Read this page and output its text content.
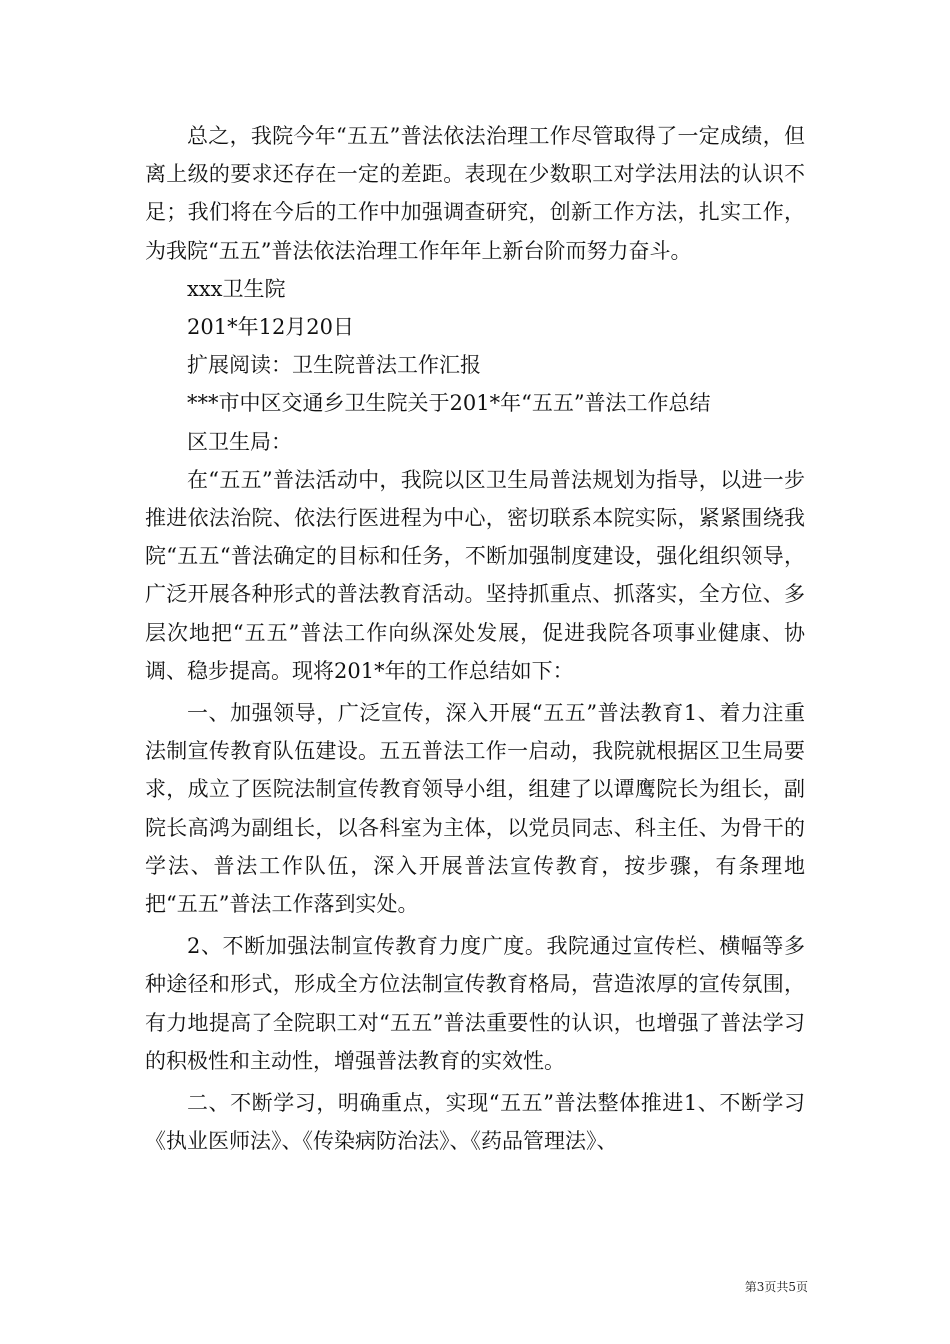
总之，我院今年“五五”普法依法治理工作尽管取得了一定成绩，但离上级的要求还存在一定的差距。表现在少数职工对学法用法的认识不足；我们将在今后的工作中加强调查研究，创新工作方法，扎实工作，为我院“五五”普法依法治理工作年年上新台阶而努力奋斗。

xxx卫生院

201*年12月20日

扩展阅读：卫生院普法工作汇报

***市中区交通乡卫生院关于201*年“五五”普法工作总结

区卫生局：

在“五五”普法活动中，我院以区卫生局普法规划为指导，以进一步推进依法治院、依法行医进程为中心，密切联系本院实际，紧紧围绕我院“五五“普法确定的目标和任务，不断加强制度建设，强化组织领导，广泛开展各种形式的普法教育活动。坚持抓重点、抓落实，全方位、多层次地把“五五”普法工作向纵深处发展，促进我院各项事业健康、协调、稳步提高。现将201*年的工作总结如下：

一、加强领导，广泛宣传，深入开展“五五”普法教育1、着力注重法制宣传教育队伍建设。五五普法工作一启动，我院就根据区卫生局要求，成立了医院法制宣传教育领导小组，组建了以谭鹰院长为组长，副院长高鸿为副组长，以各科室为主体，以党员同志、科主任、为骨干的学法、普法工作队伍，深入开展普法宣传教育，按步骤，有条理地把“五五”普法工作落到实处。

2、不断加强法制宣传教育力度广度。我院通过宣传栏、横幅等多种途径和形式，形成全方位法制宣传教育格局，营造浓厚的宣传氛围，有力地提高了全院职工对“五五”普法重要性的认识，也增强了普法学习的积极性和主动性，增强普法教育的实效性。

二、不断学习，明确重点，实现“五五”普法整体推进1、不断学习《执业医师法》、《传染病防治法》、《药品管理法》、

第3页共5页
